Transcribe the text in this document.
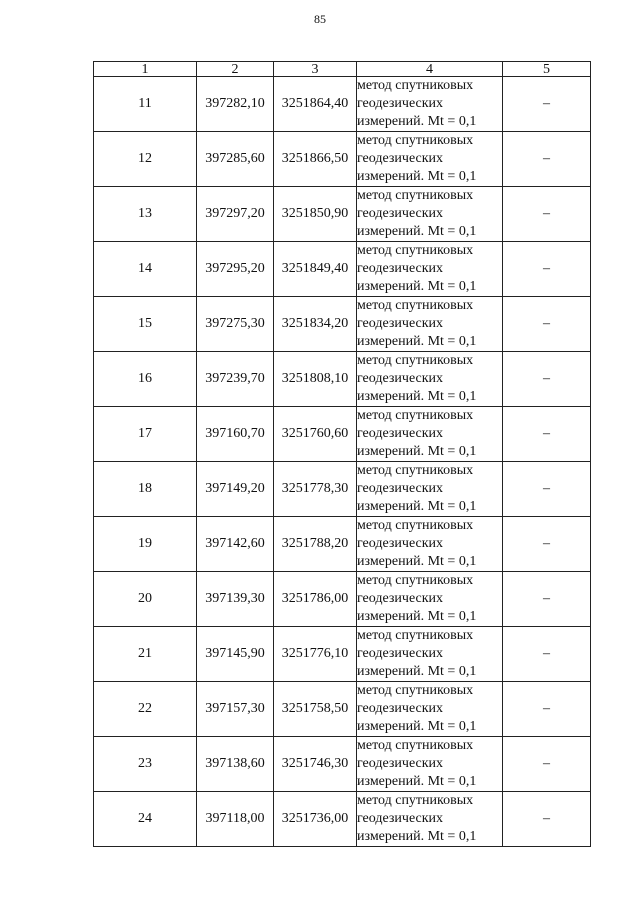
85
1	2	3	4	5
11	397282,10	3251864,40	метод спутниковых
геодезических
измерений. Mt = 0,1	–
12	397285,60	3251866,50	метод спутниковых
геодезических
измерений. Mt = 0,1	–
13	397297,20	3251850,90	метод спутниковых
геодезических
измерений. Mt = 0,1	–
14	397295,20	3251849,40	метод спутниковых
геодезических
измерений. Mt = 0,1	–
15	397275,30	3251834,20	метод спутниковых
геодезических
измерений. Mt = 0,1	–
16	397239,70	3251808,10	метод спутниковых
геодезических
измерений. Mt = 0,1	–
17	397160,70	3251760,60	метод спутниковых
геодезических
измерений. Mt = 0,1	–
18	397149,20	3251778,30	метод спутниковых
геодезических
измерений. Mt = 0,1	–
19	397142,60	3251788,20	метод спутниковых
геодезических
измерений. Mt = 0,1	–
20	397139,30	3251786,00	метод спутниковых
геодезических
измерений. Mt = 0,1	–
21	397145,90	3251776,10	метод спутниковых
геодезических
измерений. Mt = 0,1	–
22	397157,30	3251758,50	метод спутниковых
геодезических
измерений. Mt = 0,1	–
23	397138,60	3251746,30	метод спутниковых
геодезических
измерений. Mt = 0,1	–
24	397118,00	3251736,00	метод спутниковых
геодезических
измерений. Mt = 0,1	–
